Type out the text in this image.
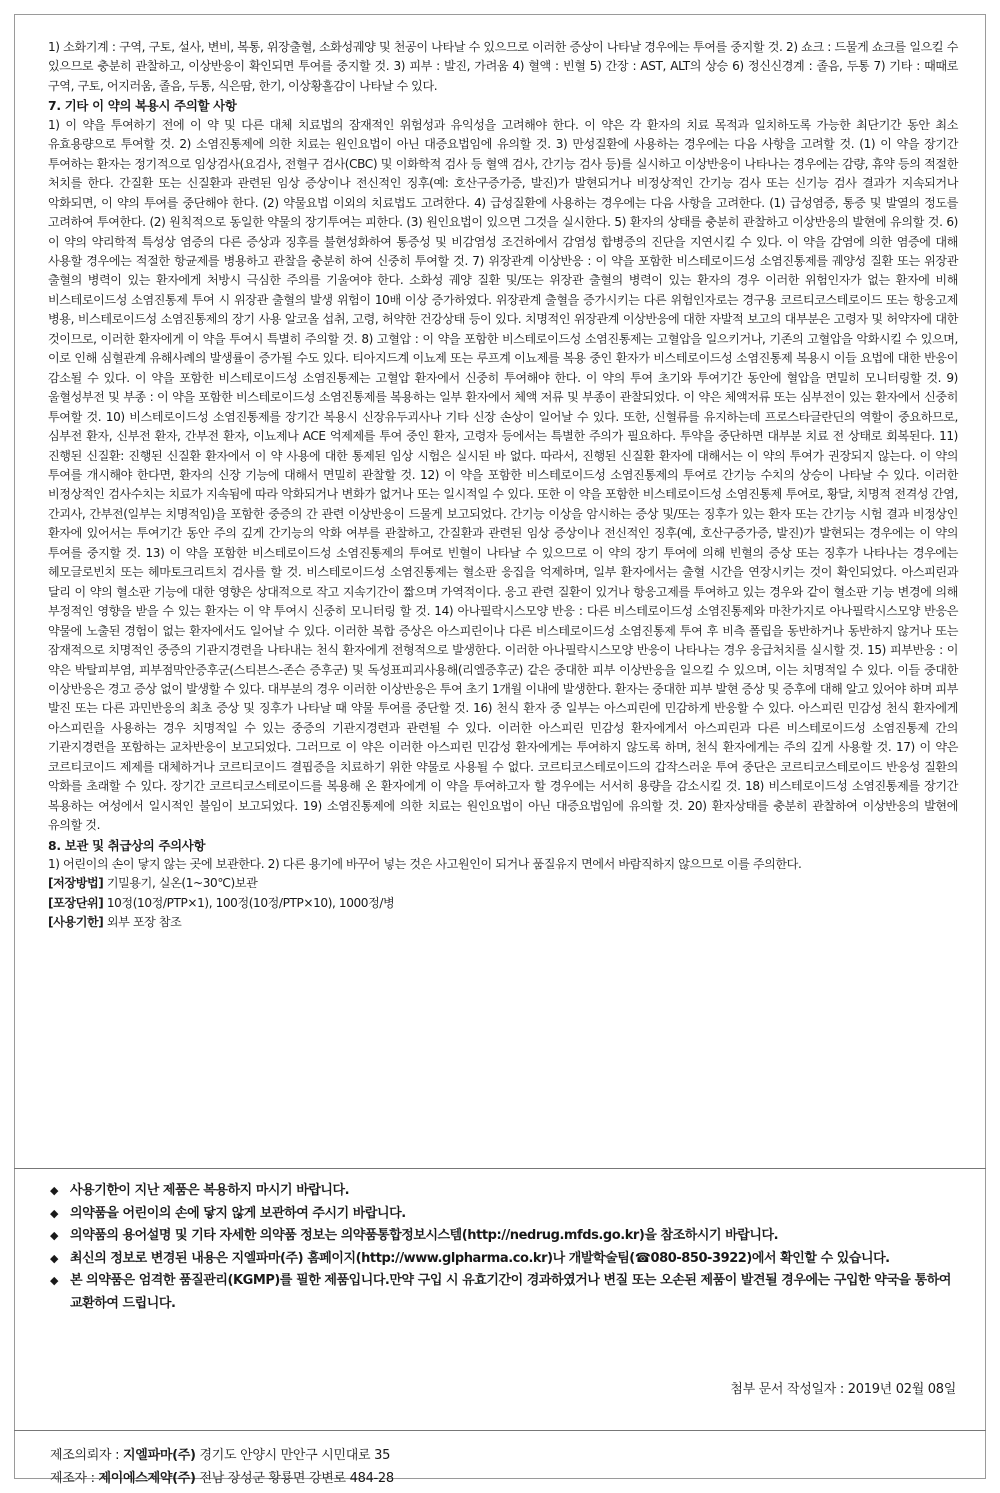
1) 소화기계 : 구역, 구토, 설사, 변비, 복통, 위장출혈, 소화성궤양 및 천공이 나타날 수 있으므로 이러한 증상이 나타날 경우에는 투여를 중지할 것. 2) 쇼크 : 드물게 쇼크를 일으킬 수 있으므로 충분히 관찰하고, 이상반응이 확인되면 투여를 중지할 것. 3) 피부 : 발진, 가려움 4) 혈액 : 빈혈 5) 간장 : AST, ALT의 상승 6) 정신신경계 : 졸음, 두통 7) 기타 : 때때로 구역, 구토, 어지러움, 졸음, 두통, 식은땀, 한기, 이상황홀감이 나타날 수 있다.

7. 기타 이 약의 복용시 주의할 사항

1) 이 약을 투여하기 전에 이 약 및 다른 대체 치료법의 잠재적인 위험성과 유익성을 고려해야 한다. 이 약은 각 환자의 치료 목적과 일치하도록 가능한 최단기간 동안 최소 유효용량으로 투여할 것. 2) 소염진통제에 의한 치료는 원인요법이 아닌 대증요법임에 유의할 것. 3) 만성질환에 사용하는 경우에는 다음 사항을 고려할 것. (1) 이 약을 장기간 투여하는 환자는 정기적으로 임상검사(요검사, 전혈구 검사(CBC) 및 이화학적 검사 등 혈액 검사, 간기능 검사 등)를 실시하고 이상반응이 나타나는 경우에는 감량, 휴약 등의 적절한 처치를 한다. 간질환 또는 신질환과 관련된 임상 증상이나 전신적인 징후(예: 호산구증가증, 발진)가 발현되거나 비정상적인 간기능 검사 또는 신기능 검사 결과가 지속되거나 악화되면, 이 약의 투여를 중단해야 한다. (2) 약물요법 이외의 치료법도 고려한다. 4) 급성질환에 사용하는 경우에는 다음 사항을 고려한다. (1) 급성염증, 통증 및 발열의 정도를 고려하여 투여한다. (2) 원칙적으로 동일한 약물의 장기투여는 피한다. (3) 원인요법이 있으면 그것을 실시한다. 5) 환자의 상태를 충분히 관찰하고 이상반응의 발현에 유의할 것. 6) 이 약의 약리학적 특성상 염증의 다른 증상과 징후를 불현성화하여 통증성 및 비감염성 조건하에서 감염성 합병증의 진단을 지연시킬 수 있다. 이 약을 감염에 의한 염증에 대해 사용할 경우에는 적절한 항균제를 병용하고 관찰을 충분히 하여 신중히 투여할 것. 7) 위장관계 이상반응 : 이 약을 포함한 비스테로이드성 소염진통제를 궤양성 질환 또는 위장관 출혈의 병력이 있는 환자에게 처방시 극심한 주의를 기울여야 한다. 소화성 궤양 질환 및/또는 위장관 출혈의 병력이 있는 환자의 경우 이러한 위험인자가 없는 환자에 비해 비스테로이드성 소염진통제 투여 시 위장관 출혈의 발생 위험이 10배 이상 증가하였다. 위장관계 출혈을 증가시키는 다른 위험인자로는 경구용 코르티코스테로이드 또는 항응고제 병용, 비스테로이드성 소염진통제의 장기 사용 알코올 섭취, 고령, 허약한 건강상태 등이 있다. 치명적인 위장관계 이상반응에 대한 자발적 보고의 대부분은 고령자 및 허약자에 대한 것이므로, 이러한 환자에게 이 약을 투여시 특별히 주의할 것. 8) 고혈압 : 이 약을 포함한 비스테로이드성 소염진통제는 고혈압을 일으키거나, 기존의 고혈압을 악화시킬 수 있으며, 이로 인해 심혈관계 유해사례의 발생률이 증가될 수도 있다. 티아지드계 이뇨제 또는 루프계 이뇨제를 복용 중인 환자가 비스테로이드성 소염진통제 복용시 이들 요법에 대한 반응이 감소될 수 있다. 이 약을 포함한 비스테로이드성 소염진통제는 고혈압 환자에서 신중히 투여해야 한다. 이 약의 투여 초기와 투여기간 동안에 혈압을 면밀히 모니터링할 것. 9) 울혈성부전 및 부종 : 이 약을 포함한 비스테로이드성 소염진통제를 복용하는 일부 환자에서 체액 저류 및 부종이 관찰되었다. 이 약은 체액저류 또는 심부전이 있는 환자에서 신중히 투여할 것. 10) 비스테로이드성 소염진통제를 장기간 복용시 신장유두괴사나 기타 신장 손상이 일어날 수 있다. 또한, 신혈류를 유지하는데 프로스타글란딘의 역할이 중요하므로, 심부전 환자, 신부전 환자, 간부전 환자, 이뇨제나 ACE 억제제를 투여 중인 환자, 고령자 등에서는 특별한 주의가 필요하다. 투약을 중단하면 대부분 치료 전 상태로 회복된다. 11) 진행된 신질환: 진행된 신질환 환자에서 이 약 사용에 대한 통제된 임상 시험은 실시된 바 없다. 따라서, 진행된 신질환 환자에 대해서는 이 약의 투여가 권장되지 않는다. 이 약의 투여를 개시해야 한다면, 환자의 신장 기능에 대해서 면밀히 관찰할 것. 12) 이 약을 포함한 비스테로이드성 소염진통제의 투여로 간기능 수치의 상승이 나타날 수 있다. 이러한 비정상적인 검사수치는 치료가 지속됨에 따라 악화되거나 변화가 없거나 또는 일시적일 수 있다. 또한 이 약을 포함한 비스테로이드성 소염진통제 투여로, 황달, 치명적 전격성 간염, 간괴사, 간부전(일부는 치명적임)을 포함한 중증의 간 관련 이상반응이 드물게 보고되었다. 간기능 이상을 암시하는 증상 및/또는 징후가 있는 환자 또는 간기능 시험 결과 비정상인 환자에 있어서는 투여기간 동안 주의 깊게 간기능의 악화 여부를 관찰하고, 간질환과 관련된 임상 증상이나 전신적인 징후(예, 호산구증가증, 발진)가 발현되는 경우에는 이 약의 투여를 중지할 것. 13) 이 약을 포함한 비스테로이드성 소염진통제의 투여로 빈혈이 나타날 수 있으므로 이 약의 장기 투여에 의해 빈혈의 증상 또는 징후가 나타나는 경우에는 헤모글로빈치 또는 헤마토크리트치 검사를 할 것. 비스테로이드성 소염진통제는 혈소판 응집을 억제하며, 일부 환자에서는 출혈 시간을 연장시키는 것이 확인되었다. 아스피린과 달리 이 약의 혈소판 기능에 대한 영향은 상대적으로 작고 지속기간이 짧으며 가역적이다. 응고 관련 질환이 있거나 항응고제를 투여하고 있는 경우와 같이 혈소판 기능 변경에 의해 부정적인 영향을 받을 수 있는 환자는 이 약 투여시 신중히 모니터링 할 것. 14) 아나필락시스모양 반응 : 다른 비스테로이드성 소염진통제와 마찬가지로 아나필락시스모양 반응은 약물에 노출된 경험이 없는 환자에서도 일어날 수 있다. 이러한 복합 증상은 아스피린이나 다른 비스테로이드성 소염진통제 투여 후 비측 폴립을 동반하거나 동반하지 않거나 또는 잠재적으로 치명적인 중증의 기관지경련을 나타내는 천식 환자에게 전형적으로 발생한다. 이러한 아나필락시스모양 반응이 나타나는 경우 응급처치를 실시할 것. 15) 피부반응 : 이 약은 박탈피부염, 피부점막안증후군(스티븐스-존슨 증후군) 및 독성표피괴사용해(리엘증후군) 같은 중대한 피부 이상반응을 일으킬 수 있으며, 이는 치명적일 수 있다. 이들 중대한 이상반응은 경고 증상 없이 발생할 수 있다. 대부분의 경우 이러한 이상반응은 투여 초기 1개월 이내에 발생한다. 환자는 중대한 피부 발현 증상 및 증후에 대해 알고 있어야 하며 피부 발진 또는 다른 과민반응의 최초 증상 및 징후가 나타날 때 약물 투여를 중단할 것. 16) 천식 환자 중 일부는 아스피린에 민감하게 반응할 수 있다. 아스피린 민감성 천식 환자에게 아스피린을 사용하는 경우 치명적일 수 있는 중증의 기관지경련과 관련될 수 있다. 이러한 아스피린 민감성 환자에게서 아스피린과 다른 비스테로이드성 소염진통제 간의 기관지경련을 포함하는 교차반응이 보고되었다. 그러므로 이 약은 이러한 아스피린 민감성 환자에게는 투여하지 않도록 하며, 천식 환자에게는 주의 깊게 사용할 것. 17) 이 약은 코르티코이드 제제를 대체하거나 코르티코이드 결핍증을 치료하기 위한 약물로 사용될 수 없다. 코르티코스테로이드의 갑작스러운 투여 중단은 코르티코스테로이드 반응성 질환의 악화를 초래할 수 있다. 장기간 코르티코스테로이드를 복용해 온 환자에게 이 약을 투여하고자 할 경우에는 서서히 용량을 감소시킬 것. 18) 비스테로이드성 소염진통제를 장기간 복용하는 여성에서 일시적인 불임이 보고되었다. 19) 소염진통제에 의한 치료는 원인요법이 아닌 대증요법임에 유의할 것. 20) 환자상태를 충분히 관찰하여 이상반응의 발현에 유의할 것.

8. 보관 및 취급상의 주의사항

1) 어린이의 손이 닿지 않는 곳에 보관한다. 2) 다른 용기에 바꾸어 넣는 것은 사고원인이 되거나 품질유지 면에서 바람직하지 않으므로 이를 주의한다.

[저장방법] 기밀용기, 실온(1~30℃)보관

[포장단위] 10정(10정/PTP×1), 100정(10정/PTP×10), 1000정/병

[사용기한] 외부 포장 참조

◆ 사용기한이 지난 제품은 복용하지 마시기 바랍니다.
◆ 의약품을 어린이의 손에 닿지 않게 보관하여 주시기 바랍니다.
◆ 의약품의 용어설명 및 기타 자세한 의약품 정보는 의약품통합정보시스템(http://nedrug.mfds.go.kr)을 참조하시기 바랍니다.
◆ 최신의 정보로 변경된 내용은 지엘파마(주) 홈페이지(http://www.glpharma.co.kr)나 개발학술팀(☎080-850-3922)에서 확인할 수 있습니다.
◆ 본 의약품은 엄격한 품질관리(KGMP)를 필한 제품입니다.만약 구입 시 유효기간이 경과하였거나 변질 또는 오손된 제품이 발견될 경우에는 구입한 약국을 통하여 교환하여 드립니다.
첨부 문서 작성일자 : 2019년 02월 08일
제조의뢰자 : 지엘파마(주) 경기도 안양시 만안구 시민대로 35
제조자 : 제이에스제약(주) 전남 장성군 황룡면 강변로 484-28
